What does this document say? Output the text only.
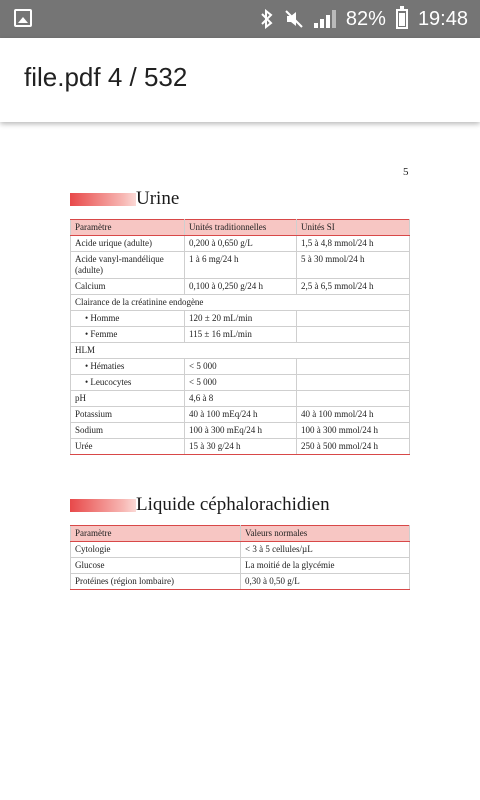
82% 19:48
file.pdf 4 / 532
5
Urine
Paramètre	Unités traditionnelles	Unités SI
Acide urique (adulte)	0,200 à 0,650 g/L	1,5 à 4,8 mmol/24 h
Acide vanyl-mandélique (adulte)	1 à 6 mg/24 h	5 à 30 mmol/24 h
Calcium	0,100 à 0,250 g/24 h	2,5 à 6,5 mmol/24 h
Clairance de la créatinine endogène		
• Homme	120 ± 20 mL/min	
• Femme	115 ± 16 mL/min	
HLM		
• Hématies	< 5 000	
• Leucocytes	< 5 000	
pH	4,6 à 8	
Potassium	40 à 100 mEq/24 h	40 à 100 mmol/24 h
Sodium	100 à 300 mEq/24 h	100 à 300 mmol/24 h
Urée	15 à 30 g/24 h	250 à 500 mmol/24 h
Liquide céphalorachidien
Paramètre	Valeurs normales
Cytologie	< 3 à 5 cellules/µL
Glucose	La moitié de la glycémie
Protéines (région lombaire)	0,30 à 0,50 g/L
